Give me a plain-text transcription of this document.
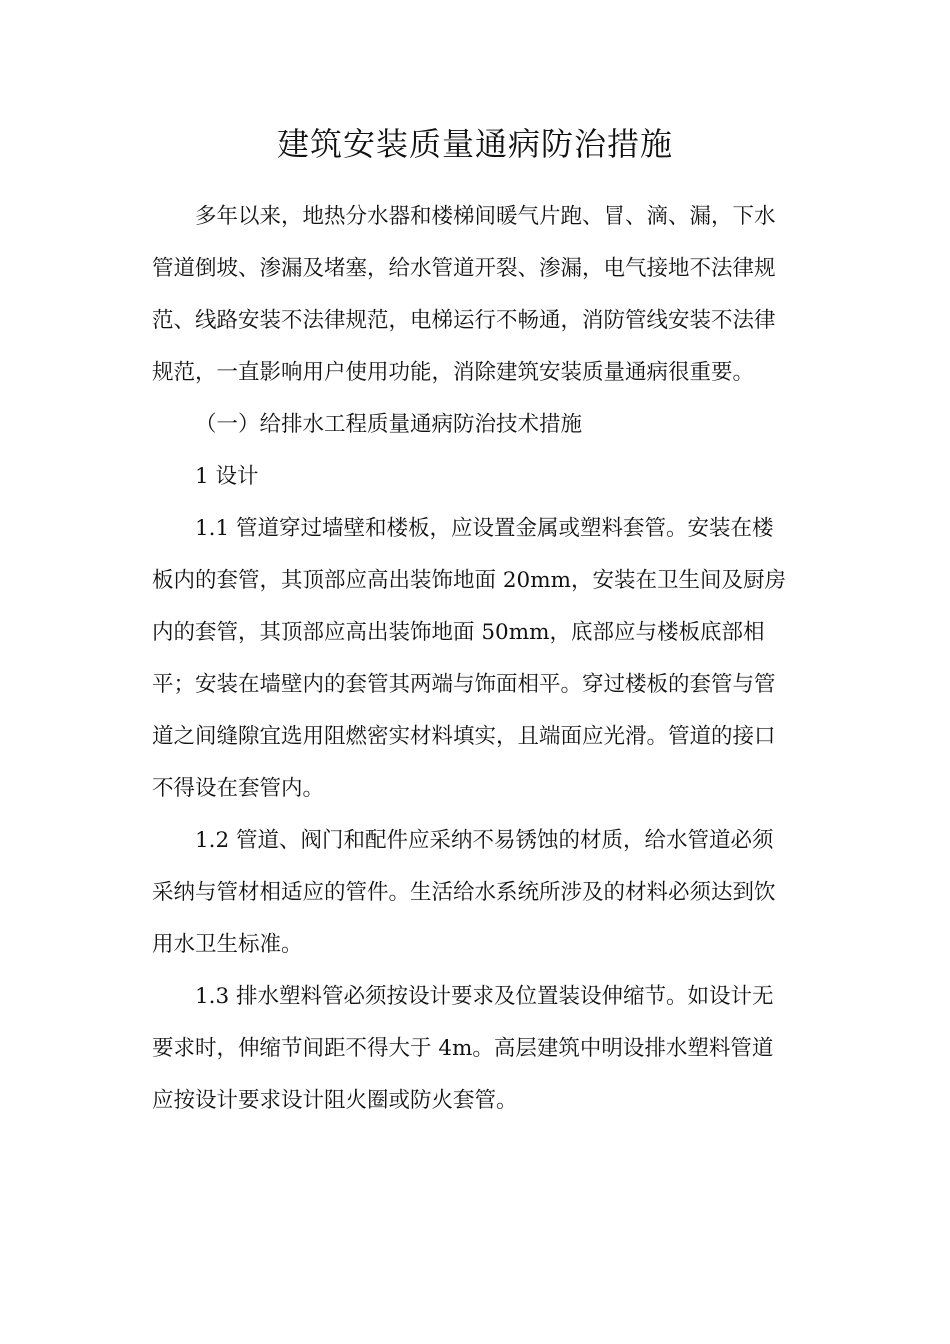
建筑安装质量通病防治措施
多年以来，地热分水器和楼梯间暖气片跑、冒、滴、漏，下水
管道倒坡、渗漏及堵塞，给水管道开裂、渗漏，电气接地不法律规
范、线路安装不法律规范，电梯运行不畅通，消防管线安装不法律
规范，一直影响用户使用功能，消除建筑安装质量通病很重要。
（一）给排水工程质量通病防治技术措施
1 设计
1.1 管道穿过墙壁和楼板，应设置金属或塑料套管。安装在楼
板内的套管，其顶部应高出装饰地面 20mm，安装在卫生间及厨房
内的套管，其顶部应高出装饰地面 50mm，底部应与楼板底部相
平；安装在墙壁内的套管其两端与饰面相平。穿过楼板的套管与管
道之间缝隙宜选用阻燃密实材料填实，且端面应光滑。管道的接口
不得设在套管内。
1.2 管道、阀门和配件应采纳不易锈蚀的材质，给水管道必须
采纳与管材相适应的管件。生活给水系统所涉及的材料必须达到饮
用水卫生标准。
1.3 排水塑料管必须按设计要求及位置装设伸缩节。如设计无
要求时，伸缩节间距不得大于 4m。高层建筑中明设排水塑料管道
应按设计要求设计阻火圈或防火套管。
